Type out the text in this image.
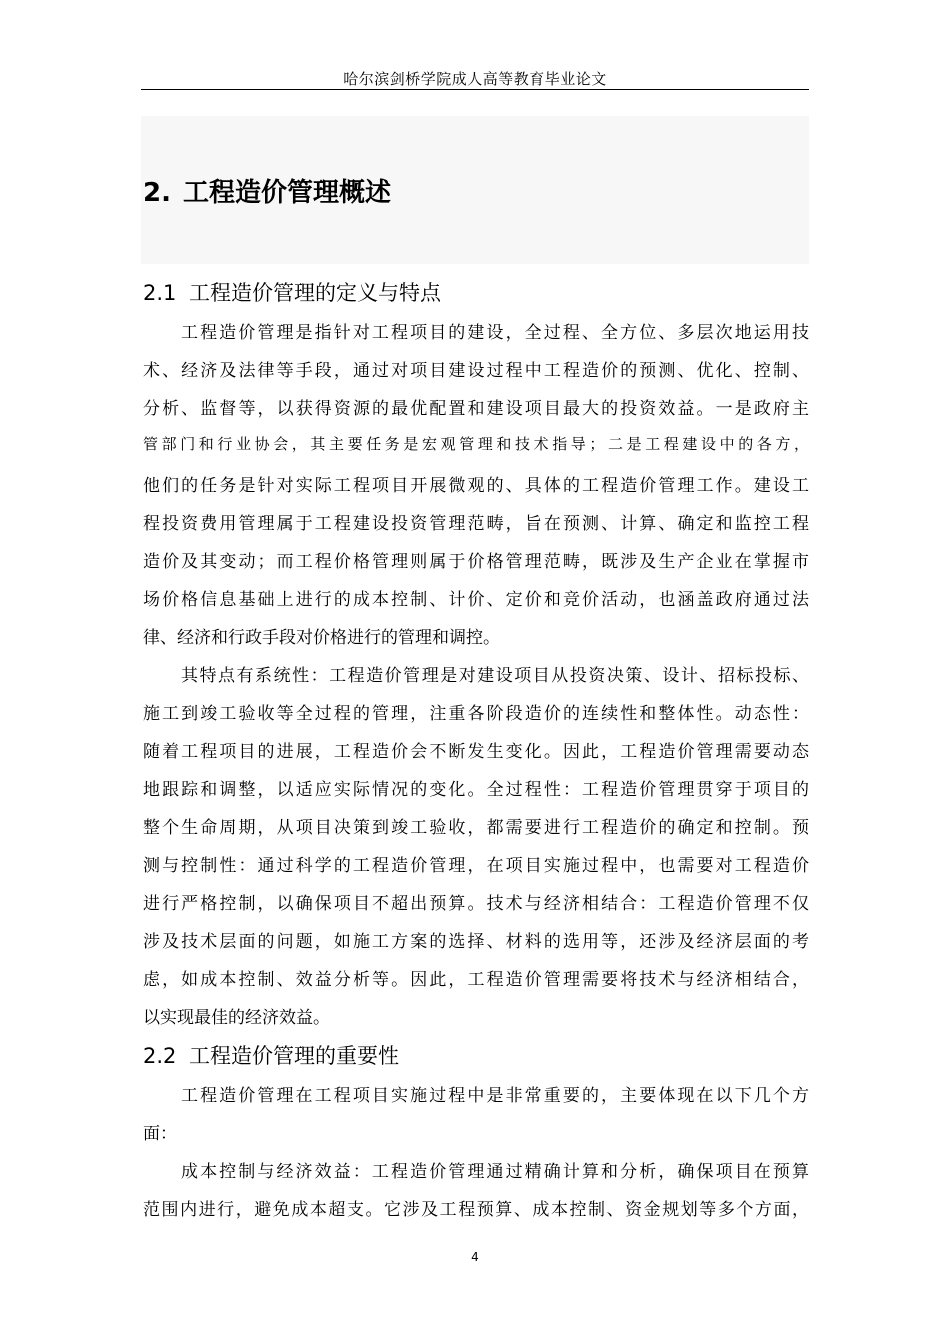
哈尔滨剑桥学院成人高等教育毕业论文
2. 工程造价管理概述
2.1 工程造价管理的定义与特点
工程造价管理是指针对工程项目的建设，全过程、全方位、多层次地运用技
术、经济及法律等手段，通过对项目建设过程中工程造价的预测、优化、控制、
分析、监督等，以获得资源的最优配置和建设项目最大的投资效益。一是政府主
管部门和行业协会，其主要任务是宏观管理和技术指导；二是工程建设中的各方，
他们的任务是针对实际工程项目开展微观的、具体的工程造价管理工作。建设工
程投资费用管理属于工程建设投资管理范畴，旨在预测、计算、确定和监控工程
造价及其变动；而工程价格管理则属于价格管理范畴，既涉及生产企业在掌握市
场价格信息基础上进行的成本控制、计价、定价和竞价活动，也涵盖政府通过法
律、经济和行政手段对价格进行的管理和调控。
其特点有系统性：工程造价管理是对建设项目从投资决策、设计、招标投标、
施工到竣工验收等全过程的管理，注重各阶段造价的连续性和整体性。动态性：
随着工程项目的进展，工程造价会不断发生变化。因此，工程造价管理需要动态
地跟踪和调整，以适应实际情况的变化。全过程性：工程造价管理贯穿于项目的
整个生命周期，从项目决策到竣工验收，都需要进行工程造价的确定和控制。预
测与控制性：通过科学的工程造价管理，在项目实施过程中，也需要对工程造价
进行严格控制，以确保项目不超出预算。技术与经济相结合：工程造价管理不仅
涉及技术层面的问题，如施工方案的选择、材料的选用等，还涉及经济层面的考
虑，如成本控制、效益分析等。因此，工程造价管理需要将技术与经济相结合，
以实现最佳的经济效益。
2.2 工程造价管理的重要性
工程造价管理在工程项目实施过程中是非常重要的，主要体现在以下几个方
面：
成本控制与经济效益：工程造价管理通过精确计算和分析，确保项目在预算
范围内进行，避免成本超支。它涉及工程预算、成本控制、资金规划等多个方面，
4
